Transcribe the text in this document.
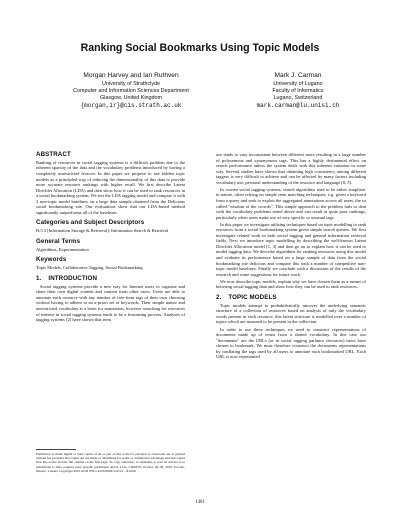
Ranking Social Bookmarks Using Topic Models
Morgan Harvey and Ian Ruthven
University of Strathclyde
Computer and Information Sciences Department
Glasgow, United Kingdom
{morgan,ir}@cis.strath.ac.uk
Mark J. Carman
University of Lugano
Faculty of Informatics
Lugano, Switzerland
mark.carman@lu.unisi.ch
ABSTRACT

Ranking of resources in social tagging systems is a difficult problem due to the inherent sparsity of the data and the vocabulary problems introduced by having a completely unrestricted lexicon. In this paper we propose to use hidden topic models as a principled way of reducing the dimensionality of this data to provide more accurate resource rankings with higher recall. We first describe Latent Dirichlet Allocation (LDA) and then show how it can be used to rank resources in a social bookmarking system. We test the LDA tagging model and compare it with 3 non-topic model baselines on a large data sample obtained from the Delicious social bookmarking site. Our evaluations show that our LDA-based method significantly outperforms all of the baselines.

Categories and Subject Descriptors

H.3.3 [Information Storage & Retrieval]: Information Search & Retrieval

General Terms

Algorithms, Experimentation

Keywords

Topic Models, Collaborative Tagging, Social Bookmarking

1. INTRODUCTION

Social tagging systems provide a new way for Internet users to organise and share their own digital content and content from other users. Users are able to annotate each resource with any number of free-form tags of their own choosing without having to adhere to an a-priori set of keywords. Their simple nature and unrestricted vocabulary is a boon for annotation; however searching for resources of interest in social tagging systems tends to be a frustrating process. Analyses of tagging systems [2] have shown that term

Permission to make digital or hard copies of all or part of this work for personal or classroom use is granted without fee provided that copies are not made or distributed for profit or commercial advantage and that copies bear this notice and the full citation on the first page. To copy otherwise, to republish, to post on servers or to redistribute to lists, requires prior specific permission and/or a fee. CIKM'10, October 26–30, 2010, Toronto, Ontario, Canada. Copyright 2010 ACM 978-1-4503-0099-5/10/10 ...$10.00.

use tends to vary inconsistent between different users resulting in a large number of polysemous and synonymous tags. This has a highly detrimental effect on search performance unless the system deals with this inherent variation in some way. Several studies have shown that obtaining high consistency among different taggers is very difficult to achieve and can be affected by many factors including vocabulary use, personal understanding of the resource and language [8, 5].

In current social tagging systems, search algorithms tend to be rather simplistic in nature, often relying on simple term matching techniques; e.g. given a keyword from a query and seek to exploit the aggregated annotations across all users, the so called "wisdom of the crowds". This simple approach to the problem fails to deal with the vocabulary problems noted above and can result in quite poor rankings, particularly when users make use of very specific or unusual tags.

In this paper we investigate utilising techniques based on topic modelling to rank resources from a social bookmarking system given simple search queries. We first investigate related work in both social tagging and general information retrieval fields. Next we introduce topic modelling by describing the well-known Latent Dirichlet Allocation model [1, 3] and then go on to explain how it can be used to model tagging data. We describe algorithms for ranking resources using this model and evaluate its performance based on a large sample of data from the social bookmarking site delicious and compare this with a number of competitive non-topic model baselines. Finally we conclude with a discussion of the results of the research and some suggestions for future work.

We now describe topic models, explain why we have chosen them as a means of bettering social tagging data and show how they can be used to rank resources.

2. TOPIC MODELS

Topic models attempt to probabilistically uncover the underlying semantic structure of a collection of resources based on analysis of only the vocabulary words present in each resource, this latent structure is modelled over a number of topics which are assumed to be present in the collection.

In order to use these techniques we need to construct representations of documents made up of terms from a shared vocabulary. In this case our "documents" are the URLs (or in social tagging parlance resources) users have chosen to bookmark. We must therefore construct the documents representations by conflating the tags used by all users to annotate each bookmarked URL. Each URL is now represented

1401
